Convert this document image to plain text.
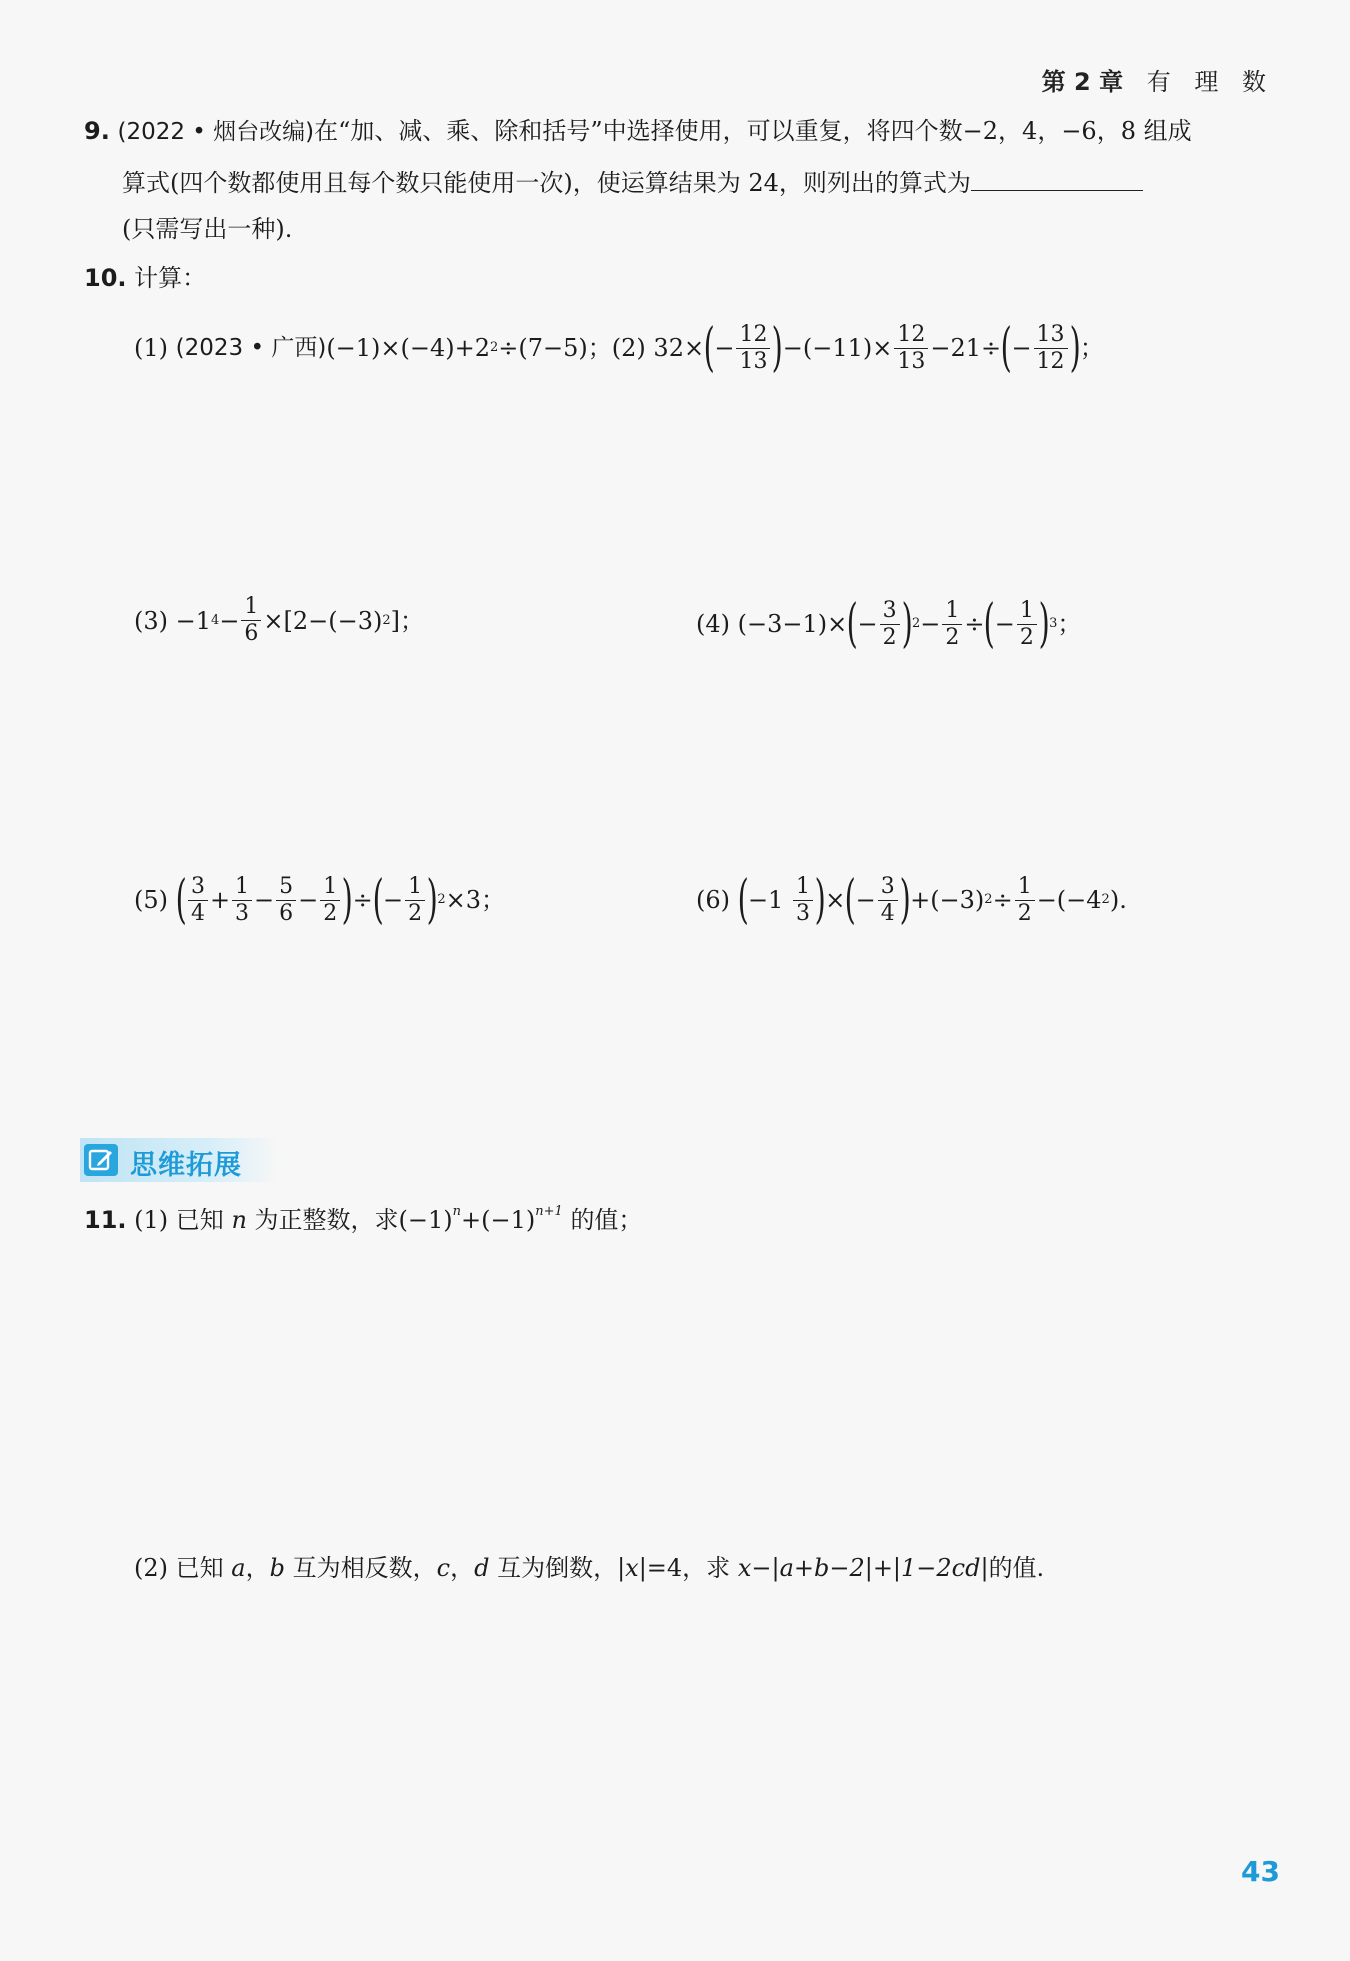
第 2 章 有 理 数
9. (2022 • 烟台改编)在“加、减、乘、除和括号”中选择使用，可以重复，将四个数−2，4，−6，8 组成
算式(四个数都使用且每个数只能使用一次)，使运算结果为 24，则列出的算式为
(只需写出一种).
10. 计算：
(1)
(2023 • 广西) (−1)×(−4)+2 2 ÷(7−5)； (2)
32× ( − $\frac{12}{13}$ ) $-(-11)\times \frac{12}{13} -21\div$ ( − $\frac{13}{12}$ ) ；
(3)
−1 $4 - \frac{1}{6} \times[2-(-3)$ 2 ]；	(4)
(−3−1)× ( − $\frac{3}{2}$ ) $2 - \frac{1}{2}$ ÷ ( − $\frac{1}{2}$ ) 3 ；
(5)
( $\frac{3}{4} + \frac{1}{3} - \frac{5}{6} - \frac{1}{2}$ ) ÷ ( − $\frac{1}{2}$ ) 2 ×3；	(6)
( −1
$\frac{1}{3}$ ) × ( − $\frac{3}{4}$ ) +(−3) $2 \div \frac{1}{2} -(-4$ 2 ).
思维拓展
11. (1) 已知 n 为正整数，求$(-1)^n+(-1)^{n+1}$ 的值；
(2) 已知 a，b 互为相反数，c，d 互为倒数，|x|=4，求 x−|a+b−2|+|1−2cd|的值.
43
